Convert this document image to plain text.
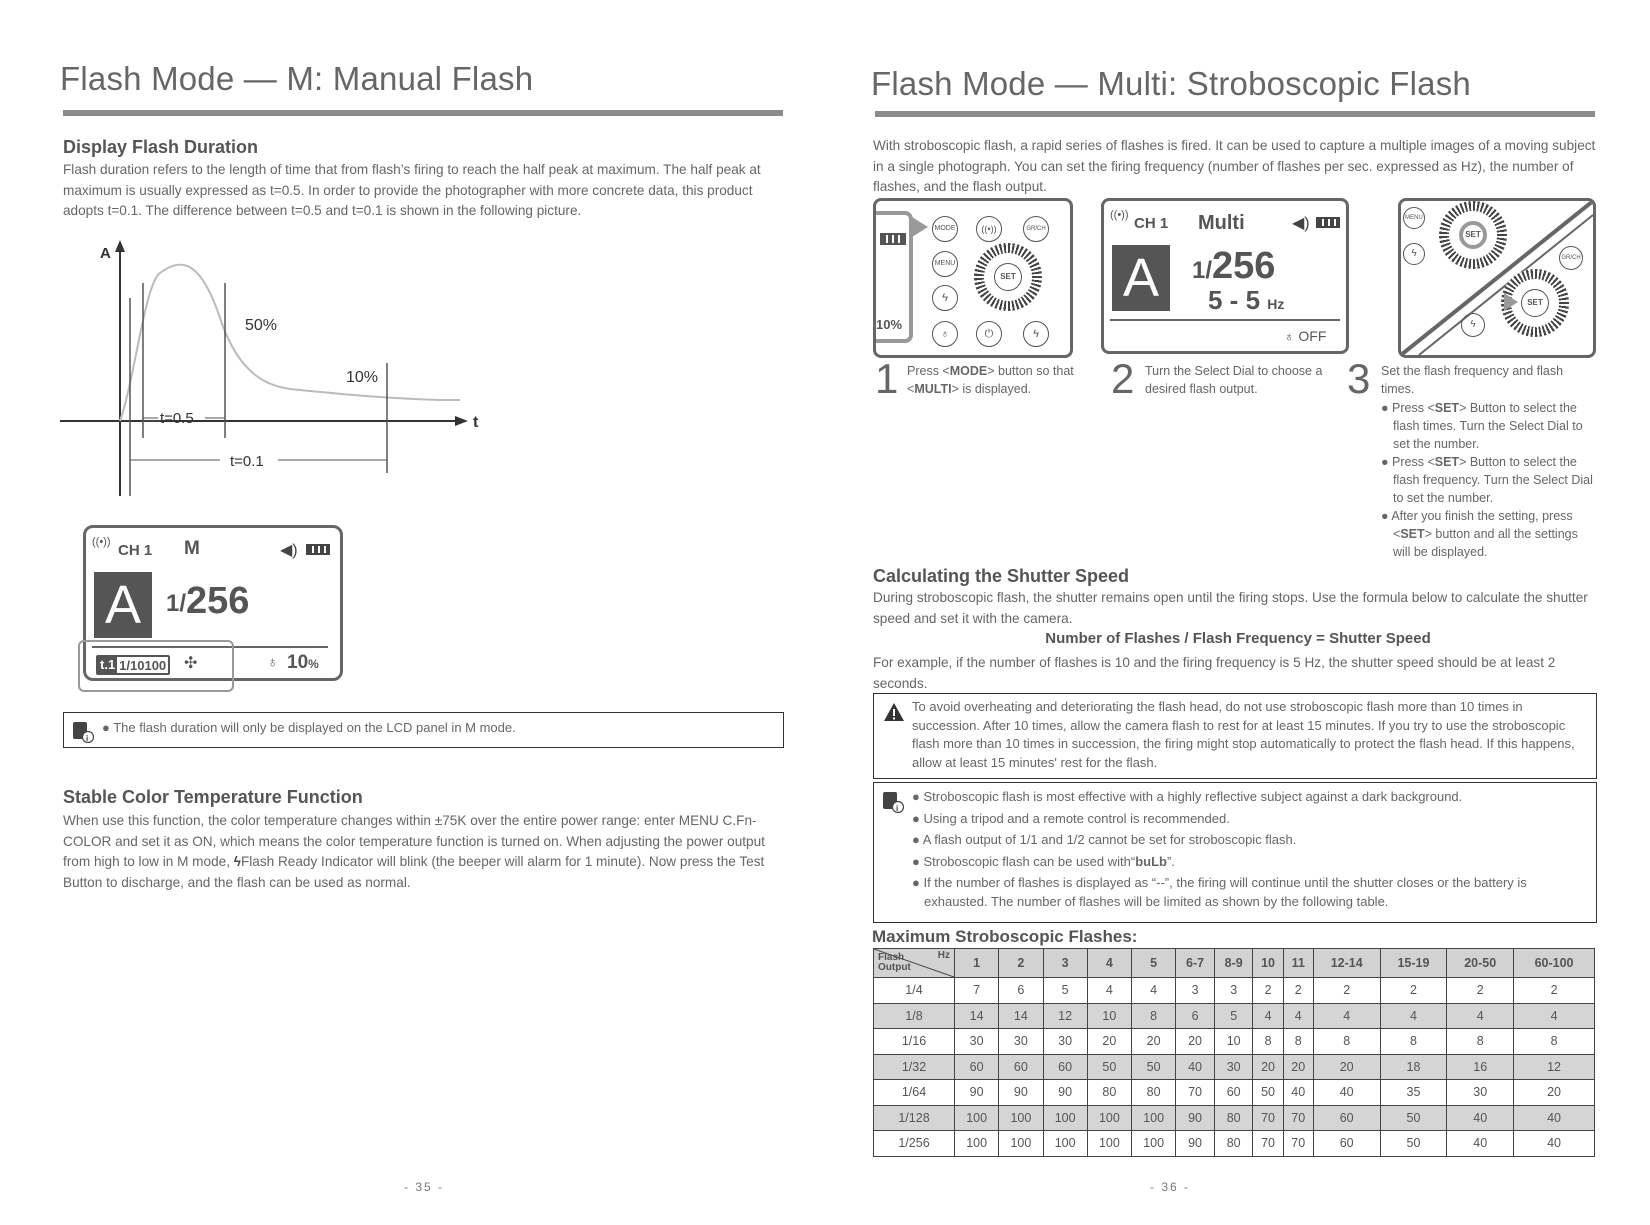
Flash Mode — M: Manual Flash
Display Flash Duration

Flash duration refers to the length of time that from flash’s firing to reach the half peak at maximum. The half peak at maximum is usually expressed as t=0.5. In order to provide the photographer with more concrete data, this product adopts t=0.1. The difference between t=0.5 and t=0.1 is shown in the following picture.

A
t
50%
10%
t=0.5
t=0.1
((•)) CH 1 M	◀)
A	1/ 256
t.1 1/10100 ✣	♁ 10%
i
● The flash duration will only be displayed on the LCD panel in M mode.
Stable Color Temperature Function

When use this function, the color temperature changes within ±75K over the entire power range: enter MENU C.Fn-COLOR and set it as ON, which means the color temperature function is turned on. When adjusting the power output from high to low in M mode, ϟFlash Ready Indicator will blink (the beeper will alarm for 1 minute). Now press the Test Button to discharge, and the flash can be used as normal.

- 35 -
Flash Mode — Multi: Stroboscopic Flash

With stroboscopic flash, a rapid series of flashes is fired. It can be used to capture a multiple images of a moving subject in a single photograph. You can set the firing frequency (number of flashes per sec. expressed as Hz), the number of flashes, and the flash output.

10%
MODE	((•))	GR/CH
MENU
ϟ
SET
♁	⏻	ϟ
((•)) CH 1 Multi	◀)
A	1/ 256
5 - 5 Hz
♁ OFF
MENU
ϟ
SET
GR/CH
SET
ϟ
1 Press <MODE> button so that <MULTI> is displayed.	2 Turn the Select Dial to choose a desired flash output.	3 Set the flash frequency and flash times.
● Press <SET> Button to select the flash times. Turn the Select Dial to set the number.
● Press <SET> Button to select the flash frequency. Turn the Select Dial to set the number.
● After you finish the setting, press <SET> button and all the settings will be displayed.
Calculating the Shutter Speed

During stroboscopic flash, the shutter remains open until the firing stops. Use the formula below to calculate the shutter speed and set it with the camera.

Number of Flashes / Flash Frequency = Shutter Speed

For example, if the number of flashes is 10 and the firing frequency is 5 Hz, the shutter speed should be at least 2 seconds.

To avoid overheating and deteriorating the flash head, do not use stroboscopic flash more than 10 times in succession. After 10 times, allow the camera flash to rest for at least 15 minutes. If you try to use the stroboscopic flash more than 10 times in succession, the firing might stop automatically to protect the flash head. If this happens, allow at least 15 minutes' rest for the flash.
i
● Stroboscopic flash is most effective with a highly reflective subject against a dark background.
● Using a tripod and a remote control is recommended.
● A flash output of 1/1 and 1/2 cannot be set for stroboscopic flash.
● Stroboscopic flash can be used with“buLb”.
● If the number of flashes is displayed as “--”, the firing will continue until the shutter closes or the battery is exhausted. The number of flashes will be limited as shown by the following table.
Maximum Stroboscopic Flashes:
Hz
Flash
Output	1	2	3	4	5	6-7	8-9	10	11	12-14	15-19	20-50	60-100
1/4	7	6	5	4	4	3	3	2	2	2	2	2	2
1/8	14	14	12	10	8	6	5	4	4	4	4	4	4
1/16	30	30	30	20	20	20	10	8	8	8	8	8	8
1/32	60	60	60	50	50	40	30	20	20	20	18	16	12
1/64	90	90	90	80	80	70	60	50	40	40	35	30	20
1/128	100	100	100	100	100	90	80	70	70	60	50	40	40
1/256	100	100	100	100	100	90	80	70	70	60	50	40	40
- 36 -
